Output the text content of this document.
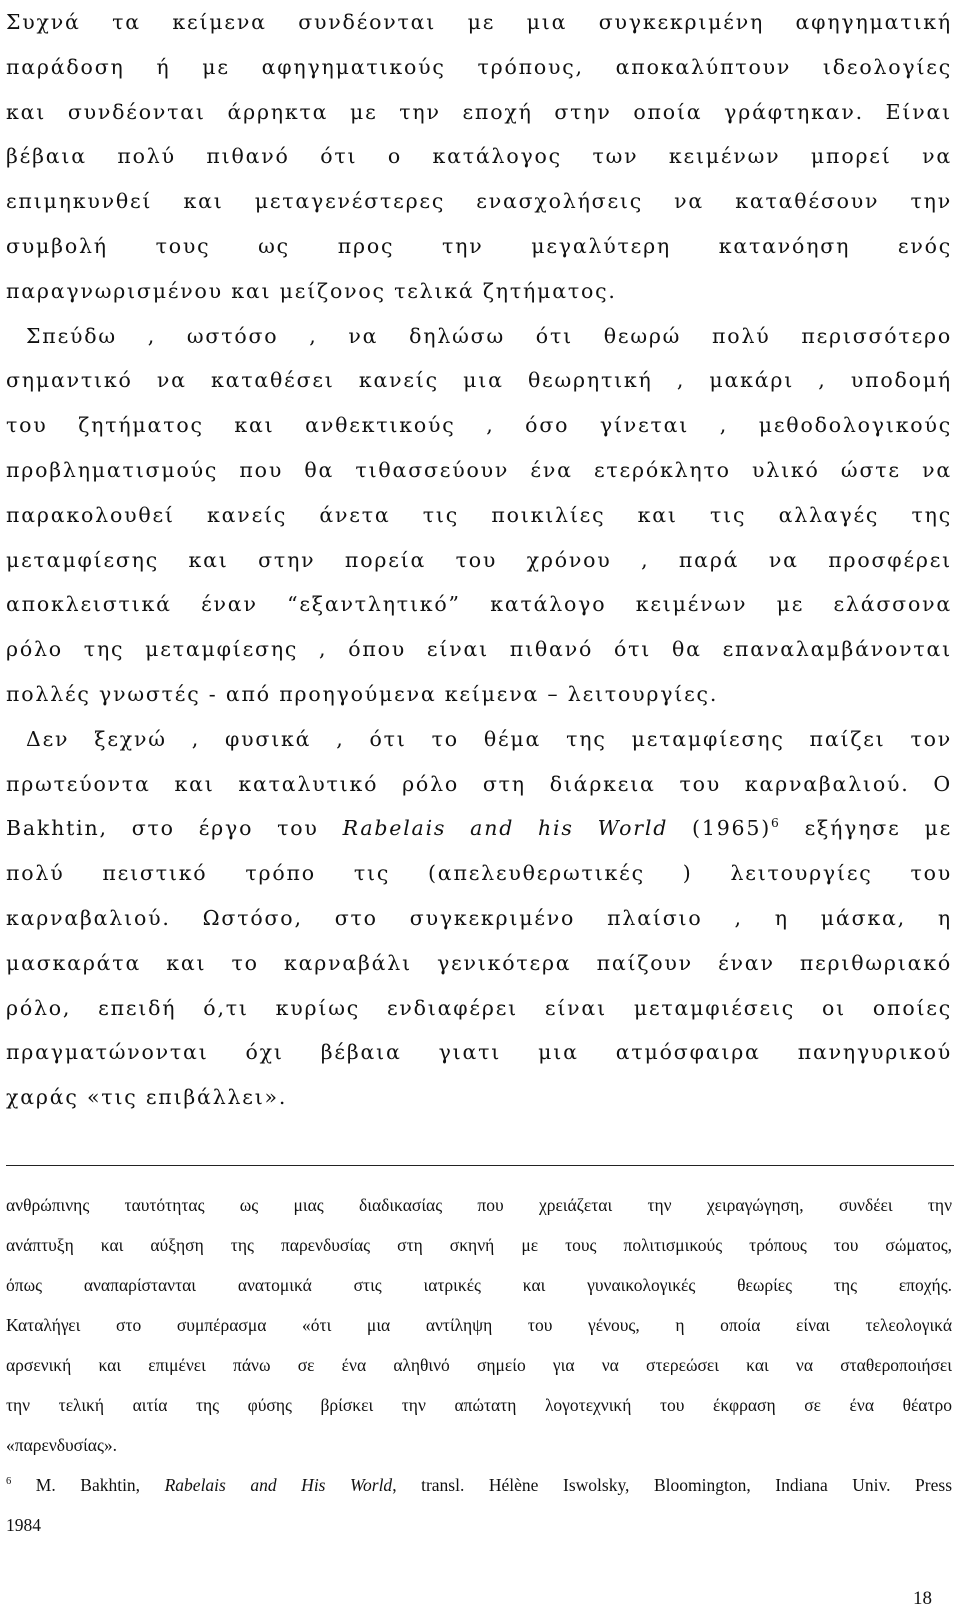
Συχνά τα κείμενα συνδέονται με μια συγκεκριμένη αφηγηματική
παράδοση ή με αφηγηματικούς τρόπους, αποκαλύπτουν ιδεολογίες
και συνδέονται άρρηκτα με την εποχή στην οποία γράφτηκαν. Είναι
βέβαια πολύ πιθανό ότι ο κατάλογος των κειμένων μπορεί να
επιμηκυνθεί και μεταγενέστερες ενασχολήσεις να καταθέσουν την
συμβολή τους ως προς την μεγαλύτερη κατανόηση ενός
παραγνωρισμένου και μείζονος τελικά ζητήματος.
Σπεύδω , ωστόσο , να δηλώσω ότι θεωρώ πολύ περισσότερο
σημαντικό να καταθέσει κανείς μια θεωρητική , μακάρι , υποδομή
του ζητήματος και ανθεκτικούς , όσο γίνεται , μεθοδολογικούς
προβληματισμούς που θα τιθασσεύουν ένα ετερόκλητο υλικό ώστε να
παρακολουθεί κανείς άνετα τις ποικιλίες και τις αλλαγές της
μεταμφίεσης και στην πορεία του χρόνου , παρά να προσφέρει
αποκλειστικά έναν “εξαντλητικό” κατάλογο κειμένων με ελάσσονα
ρόλο της μεταμφίεσης , όπου είναι πιθανό ότι θα επαναλαμβάνονται
πολλές γνωστές - από προηγούμενα κείμενα – λειτουργίες.
Δεν ξεχνώ , φυσικά , ότι το θέμα της μεταμφίεσης παίζει τον
πρωτεύοντα και καταλυτικό ρόλο στη διάρκεια του καρναβαλιού. Ο
Bakhtin, στο έργο του Rabelais and his World $(1965)^6$ εξήγησε με
πολύ πειστικό τρόπο τις (απελευθερωτικές ) λειτουργίες του
καρναβαλιού. Ωστόσο, στο συγκεκριμένο πλαίσιο , η μάσκα, η
μασκαράτα και το καρναβάλι γενικότερα παίζουν έναν περιθωριακό
ρόλο, επειδή ό,τι κυρίως ενδιαφέρει είναι μεταμφιέσεις οι οποίες
πραγματώνονται όχι βέβαια γιατι μια ατμόσφαιρα πανηγυρικού
χαράς «τις επιβάλλει».
ανθρώπινης ταυτότητας ως μιας διαδικασίας που χρειάζεται την χειραγώγηση, συνδέει την
ανάπτυξη και αύξηση της παρενδυσίας στη σκηνή με τους πολιτισμικούς τρόπους του σώματος,
όπως αναπαρίστανται ανατομικά στις ιατρικές και γυναικολογικές θεωρίες της εποχής.
Καταλήγει στο συμπέρασμα «ότι μια αντίληψη του γένους, η οποία είναι τελεολογικά
αρσενική και επιμένει πάνω σε ένα αληθινό σημείο για να στερεώσει και να σταθεροποιήσει
την τελική αιτία της φύσης βρίσκει την απώτατη λογοτεχνική του έκφραση σε ένα θέατρο
«παρενδυσίας».
$^6$ M. Bakhtin, Rabelais and His World, transl. Hélène Iswolsky, Bloomington, Indiana Univ. Press
1984
18
